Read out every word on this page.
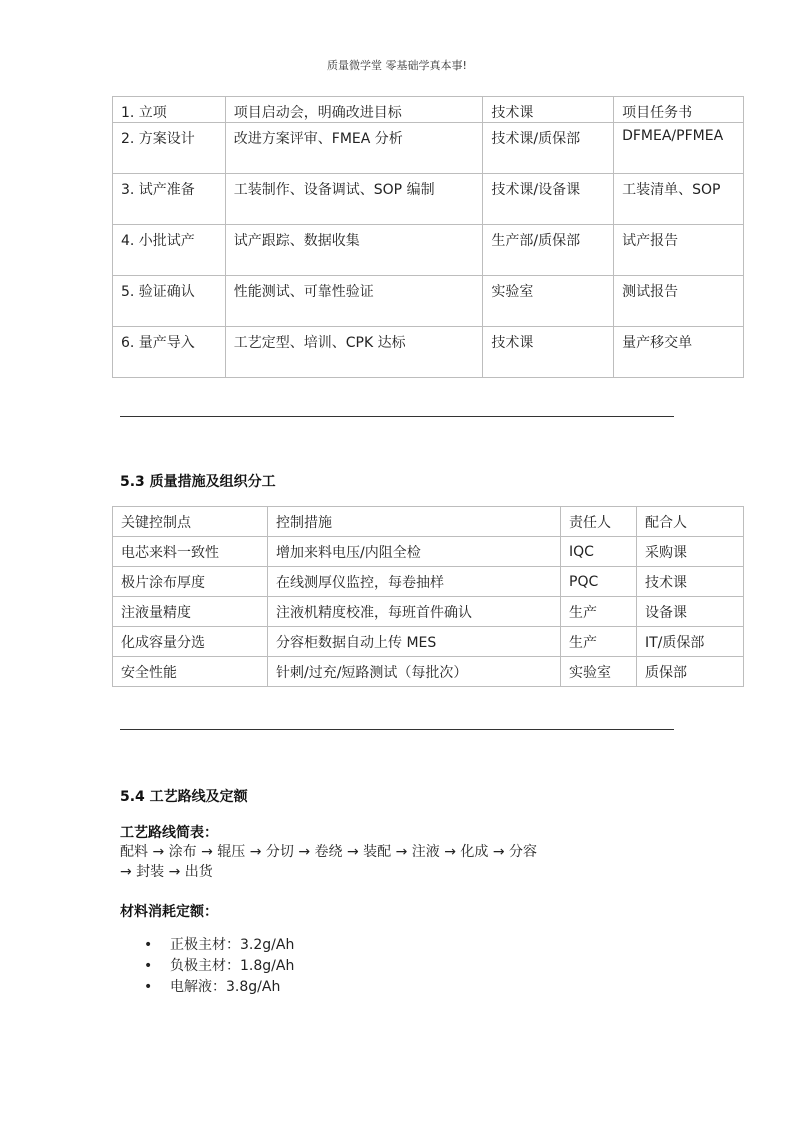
质量微学堂 零基础学真本事!
1. 立项	项目启动会，明确改进目标	技术课	项目任务书
2. 方案设计	改进方案评审、FMEA 分析	技术课/质保部	DFMEA/PFMEA
3. 试产准备	工装制作、设备调试、SOP 编制	技术课/设备课	工装清单、SOP
4. 小批试产	试产跟踪、数据收集	生产部/质保部	试产报告
5. 验证确认	性能测试、可靠性验证	实验室	测试报告
6. 量产导入	工艺定型、培训、CPK 达标	技术课	量产移交单
5.3 质量措施及组织分工
关键控制点	控制措施	责任人	配合人
电芯来料一致性	增加来料电压/内阻全检	IQC	采购课
极片涂布厚度	在线测厚仪监控，每卷抽样	PQC	技术课
注液量精度	注液机精度校准，每班首件确认	生产	设备课
化成容量分选	分容柜数据自动上传 MES	生产	IT/质保部
安全性能	针刺/过充/短路测试（每批次）	实验室	质保部
5.4 工艺路线及定额
工艺路线简表：
配料 → 涂布 → 辊压 → 分切 → 卷绕 → 装配 → 注液 → 化成 → 分容
→ 封装 → 出货
材料消耗定额：
• 正极主材：3.2g/Ah
• 负极主材：1.8g/Ah
• 电解液：3.8g/Ah
